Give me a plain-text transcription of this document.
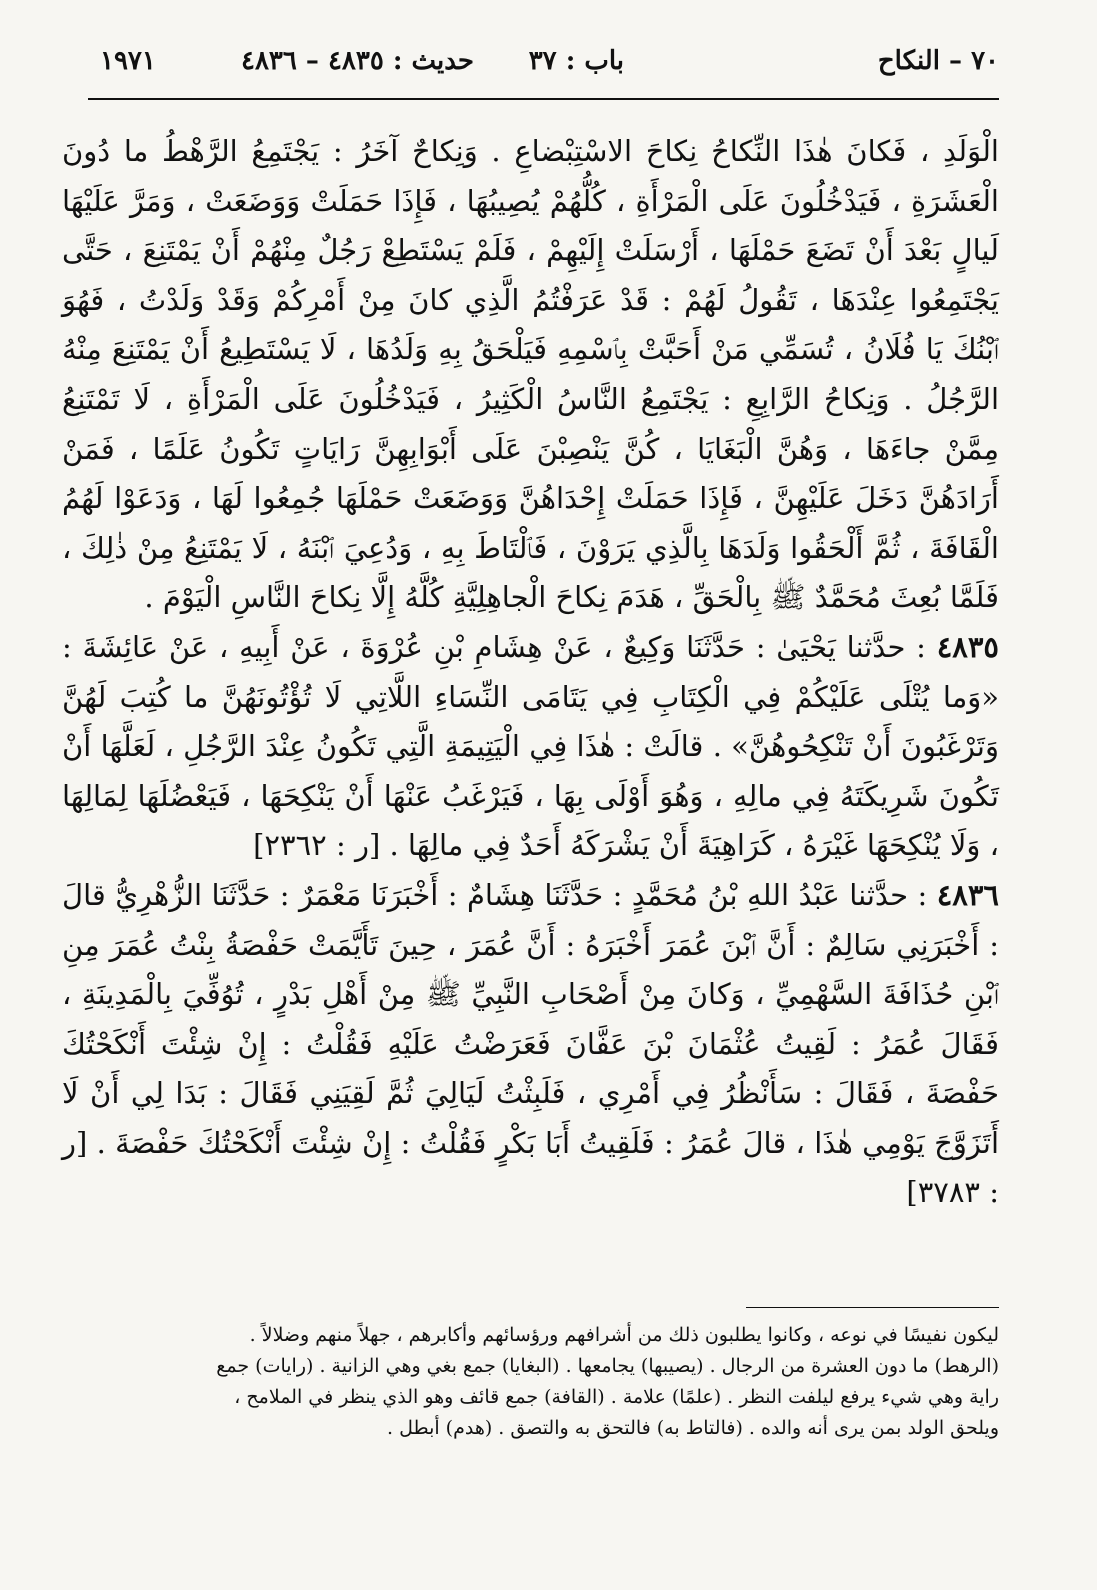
٧٠ – النكاح
باب : ٣٧
حديث : ٤٨٣٥ – ٤٨٣٦
١٩٧١

الْوَلَدِ ، فَكانَ هٰذَا النِّكاحُ نِكاحَ الاسْتِبْضاعِ . وَنِكاحٌ آخَرُ : يَجْتَمِعُ الرَّهْطُ ما دُونَ الْعَشَرَةِ ، فَيَدْخُلُونَ عَلَى الْمَرْأَةِ ، كُلُّهُمْ يُصِيبُهَا ، فَإِذَا حَمَلَتْ وَوَضَعَتْ ، وَمَرَّ عَلَيْهَا لَيالٍ بَعْدَ أَنْ تَضَعَ حَمْلَهَا ، أَرْسَلَتْ إِلَيْهِمْ ، فَلَمْ يَسْتَطِعْ رَجُلٌ مِنْهُمْ أَنْ يَمْتَنِعَ ، حَتَّى يَجْتَمِعُوا عِنْدَهَا ، تَقُولُ لَهُمْ : قَدْ عَرَفْتُمُ الَّذِي كانَ مِنْ أَمْرِكُمْ وَقَدْ وَلَدْتُ ، فَهُوَ ٱبْنُكَ يَا فُلَانُ ، تُسَمِّي مَنْ أَحَبَّتْ بِٱسْمِهِ فَيَلْحَقُ بِهِ وَلَدُهَا ، لَا يَسْتَطِيعُ أَنْ يَمْتَنِعَ مِنْهُ الرَّجُلُ . وَنِكاحُ الرَّابِعِ : يَجْتَمِعُ النَّاسُ الْكَثِيرُ ، فَيَدْخُلُونَ عَلَى الْمَرْأَةِ ، لَا تَمْتَنِعُ مِمَّنْ جاءَهَا ، وَهُنَّ الْبَغَايَا ، كُنَّ يَنْصِبْنَ عَلَى أَبْوَابِهِنَّ رَايَاتٍ تَكُونُ عَلَمًا ، فَمَنْ أَرَادَهُنَّ دَخَلَ عَلَيْهِنَّ ، فَإِذَا حَمَلَتْ إِحْدَاهُنَّ وَوَضَعَتْ حَمْلَهَا جُمِعُوا لَهَا ، وَدَعَوْا لَهُمُ الْقَافَةَ ، ثُمَّ أَلْحَقُوا وَلَدَهَا بِالَّذِي يَرَوْنَ ، فَٱلْتَاطَ بِهِ ، وَدُعِيَ ٱبْنَهُ ، لَا يَمْتَنِعُ مِنْ ذٰلِكَ ، فَلَمَّا بُعِثَ مُحَمَّدٌ ﷺ بِالْحَقِّ ، هَدَمَ نِكاحَ الْجاهِلِيَّةِ كُلَّهُ إِلَّا نِكاحَ النَّاسِ الْيَوْمَ .

٤٨٣٥ : حدَّثنا يَحْيَىٰ : حَدَّثَنَا وَكِيعٌ ، عَنْ هِشَامِ بْنِ عُرْوَةَ ، عَنْ أَبِيهِ ، عَنْ عَائِشَةَ : «وَما يُتْلَى عَلَيْكُمْ فِي الْكِتَابِ فِي يَتَامَى النِّسَاءِ اللَّاتِي لَا تُؤْتُونَهُنَّ ما كُتِبَ لَهُنَّ وَتَرْغَبُونَ أَنْ تَنْكِحُوهُنَّ» . قالَتْ : هٰذَا فِي الْيَتِيمَةِ الَّتِي تَكُونُ عِنْدَ الرَّجُلِ ، لَعَلَّهَا أَنْ تَكُونَ شَرِيكَتَهُ فِي مالِهِ ، وَهُوَ أَوْلَى بِهَا ، فَيَرْغَبُ عَنْهَا أَنْ يَنْكِحَهَا ، فَيَعْضُلَهَا لِمَالِهَا ، وَلَا يُنْكِحَهَا غَيْرَهُ ، كَرَاهِيَةَ أَنْ يَشْرَكَهُ أَحَدٌ فِي مالِهَا . [ر : ٢٣٦٢]

٤٨٣٦ : حدَّثنا عَبْدُ اللهِ بْنُ مُحَمَّدٍ : حَدَّثَنَا هِشَامٌ : أَخْبَرَنَا مَعْمَرٌ : حَدَّثَنَا الزُّهْرِيُّ قالَ : أَخْبَرَنِي سَالِمٌ : أَنَّ ٱبْنَ عُمَرَ أَخْبَرَهُ : أَنَّ عُمَرَ ، حِينَ تَأَيَّمَتْ حَفْصَةُ بِنْتُ عُمَرَ مِنِ ٱبْنِ حُذَافَةَ السَّهْمِيِّ ، وَكانَ مِنْ أَصْحَابِ النَّبِيِّ ﷺ مِنْ أَهْلِ بَدْرٍ ، تُوُفِّيَ بِالْمَدِينَةِ ، فَقَالَ عُمَرُ : لَقِيتُ عُثْمَانَ بْنَ عَفَّانَ فَعَرَضْتُ عَلَيْهِ فَقُلْتُ : إِنْ شِئْتَ أَنْكَحْتُكَ حَفْصَةَ ، فَقَالَ : سَأَنْظُرُ فِي أَمْرِي ، فَلَبِثْتُ لَيَالِيَ ثُمَّ لَقِيَنِي فَقَالَ : بَدَا لِي أَنْ لَا أَتَزَوَّجَ يَوْمِي هٰذَا ، قالَ عُمَرُ : فَلَقِيتُ أَبَا بَكْرٍ فَقُلْتُ : إِنْ شِئْتَ أَنْكَحْتُكَ حَفْصَةَ . [ر : ٣٧٨٣]

ليكون نفيسًا في نوعه ، وكانوا يطلبون ذلك من أشرافهم ورؤسائهم وأكابرهم ، جهلاً منهم وضلالاً .

(الرهط) ما دون العشرة من الرجال . (يصيبها) يجامعها . (البغايا) جمع بغي وهي الزانية . (رايات) جمع

راية وهي شيء يرفع ليلفت النظر . (علمًا) علامة . (القافة) جمع قائف وهو الذي ينظر في الملامح ،

ويلحق الولد بمن يرى أنه والده . (فالتاط به) فالتحق به والتصق . (هدم) أبطل .
